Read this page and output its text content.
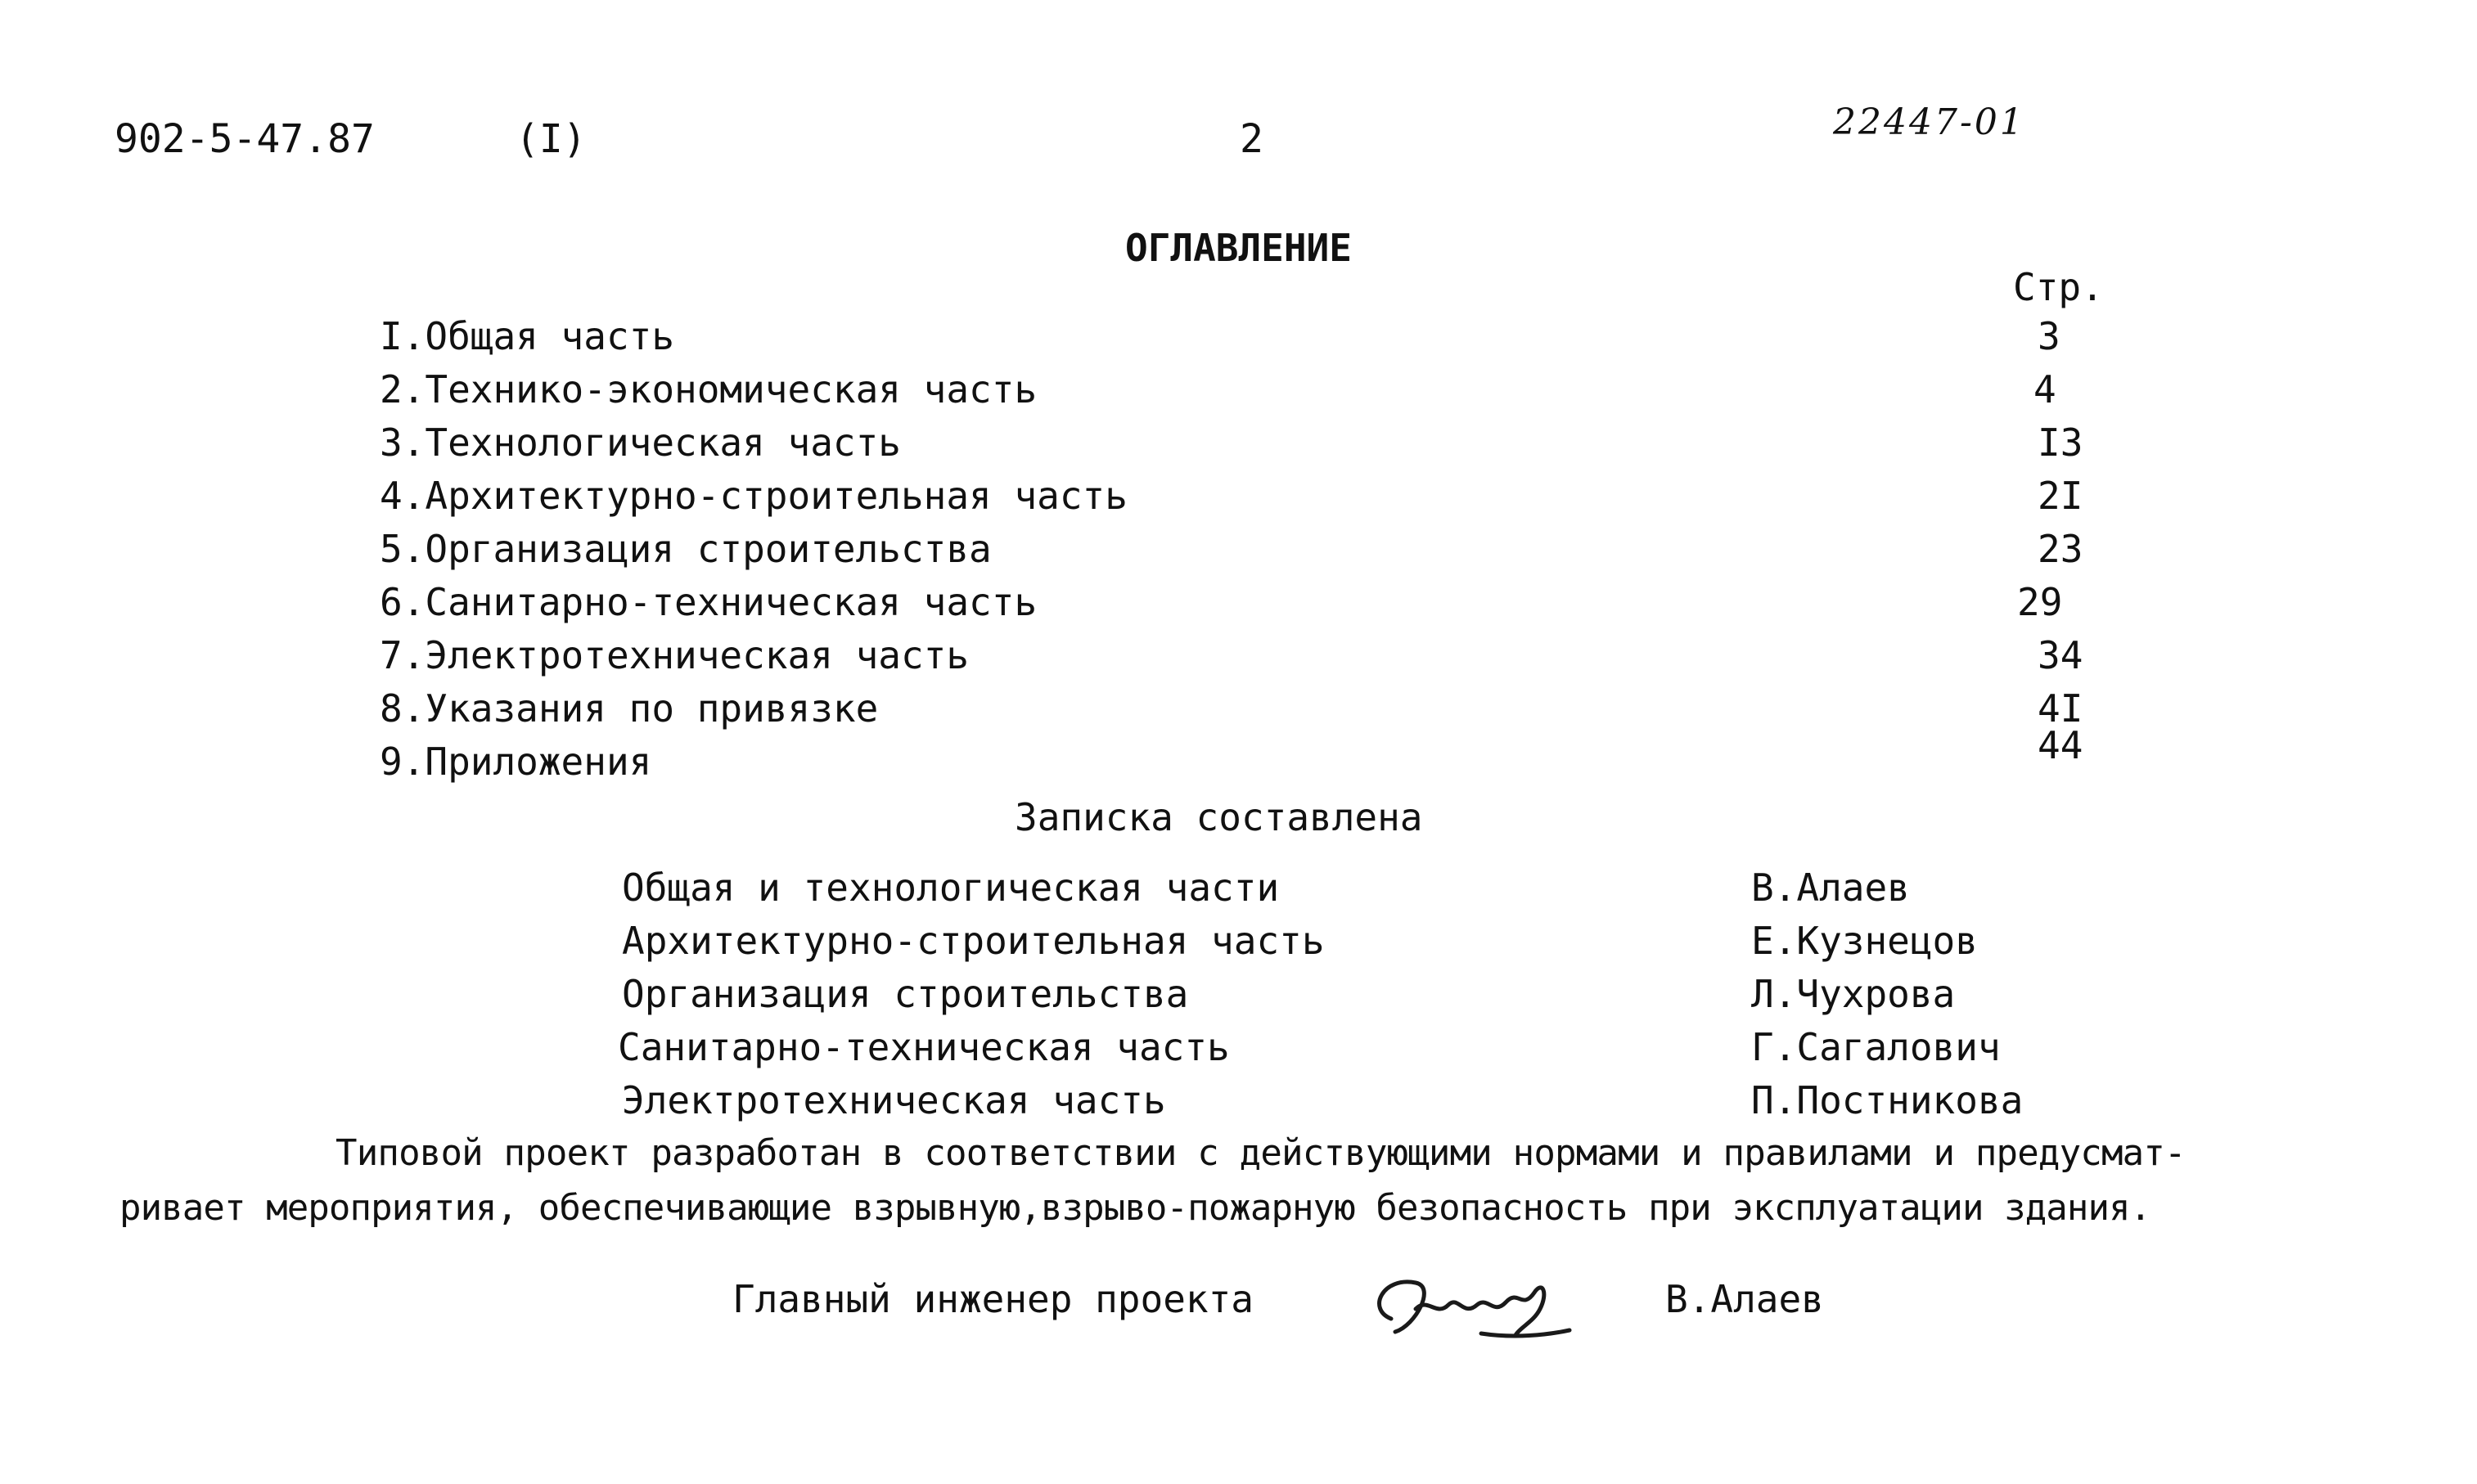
902-5-47.87	(I)	2	22447-01
ОГЛАВЛЕНИЕ
Стр.
I.Общая часть	3
2.Технико-экономическая часть	4
3.Технологическая часть	I3
4.Архитектурно-строительная часть	2I
5.Организация строительства	23
6.Санитарно-техническая часть	29
7.Электротехническая часть	34
8.Указания по привязке	4I
9.Приложения	44
Записка составлена
Общая и технологическая части	В.Алаев
Архитектурно-строительная часть	Е.Кузнецов
Организация строительства	Л.Чухрова
Санитарно-техническая часть	Г.Сагалович
Электротехническая часть	П.Постникова
Типовой проект разработан в соответствии с действующими нормами и правилами и предусмат-
ривает мероприятия, обеспечивающие взрывную,взрыво-пожарную безопасность при эксплуатации здания.
Главный инженер проекта	В.Алаев
